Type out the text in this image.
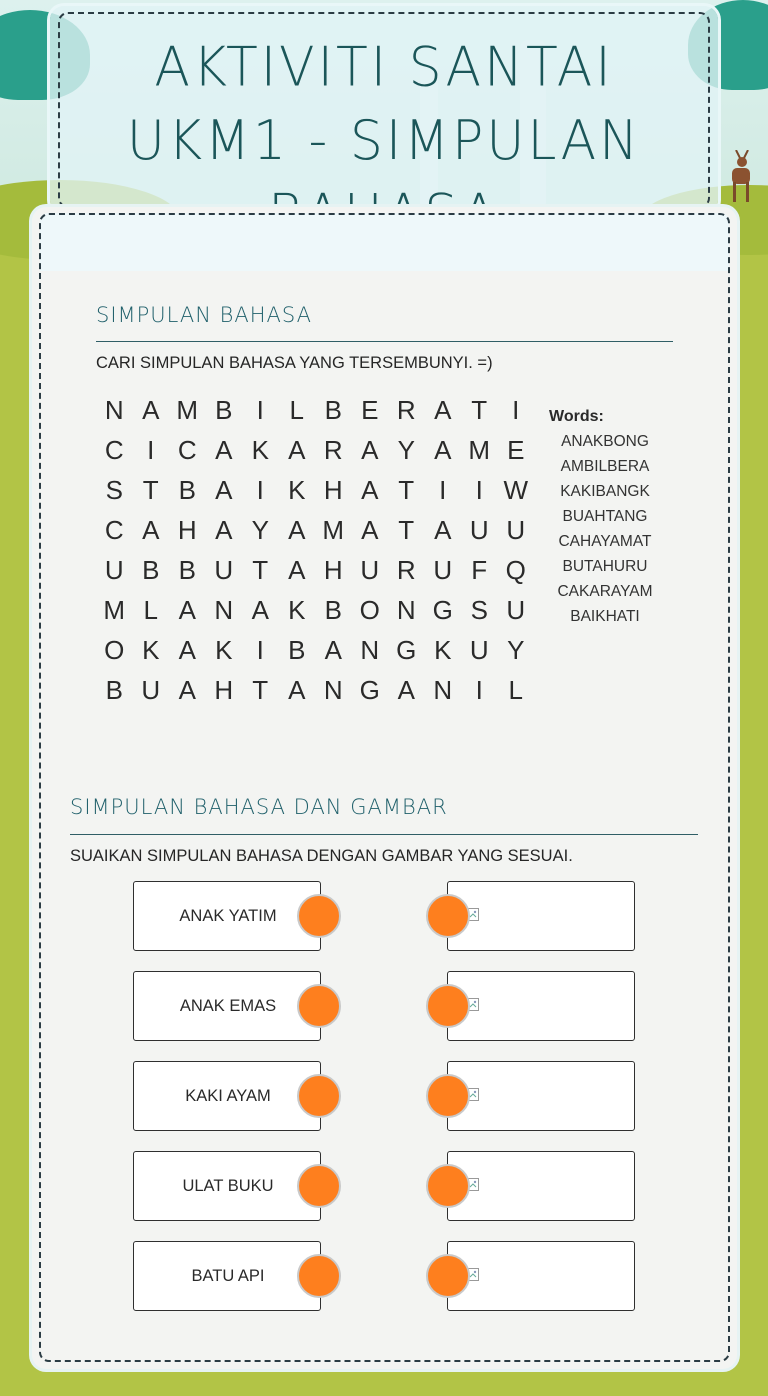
AKTIVITI SANTAI UKM1 - SIMPULAN
SIMPULAN BAHASA
CARI SIMPULAN BAHASA YANG TERSEMBUNYI. =)
N A M B I L B E R A T I
C I C A K A R A Y A M E
S T B A I K H A T I	I W
C A H A Y A M A T A U U
U B B U T A H U R U F Q
M L A N A K B O N G S U
O K A K I B A N G K U Y
B U A H T A N G A N I L
Words:
ANAKBONG
AMBILBERA
KAKIBANGK
BUAHTANG
CAHAYAMAT
BUTAHURU
CAKARAYAM
BAIKHATI
SIMPULAN BAHASA DAN GAMBAR
SUAIKAN SIMPULAN BAHASA DENGAN GAMBAR YANG SESUAI.
ANAK YATIM
ANAK EMAS
KAKI AYAM
ULAT BUKU
BATU API
